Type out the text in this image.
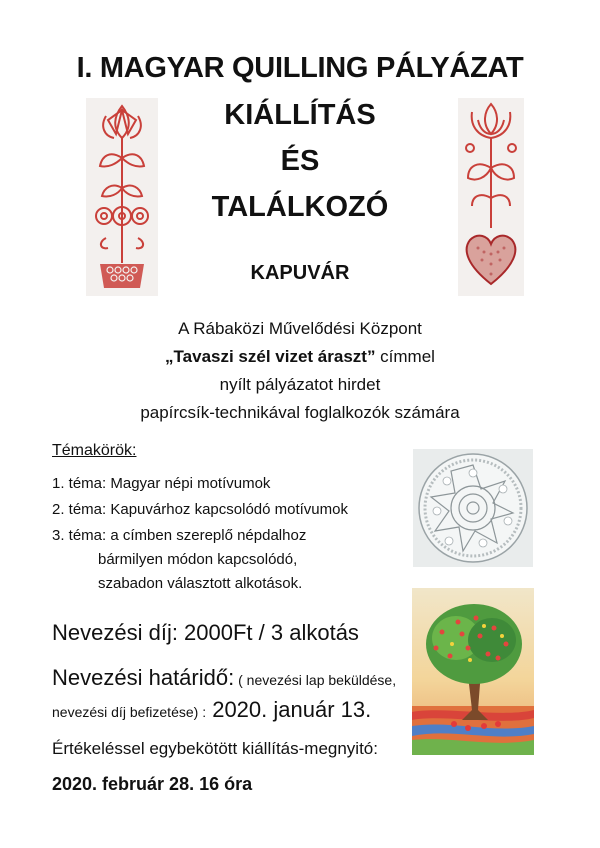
I. MAGYAR QUILLING PÁLYÁZAT
KIÁLLÍTÁS
ÉS
TALÁLKOZÓ
KAPUVÁR
A Rábaközi Művelődési Központ
„Tavaszi szél vizet áraszt” címmel
nyílt pályázatot hirdet
papírcsík-technikával foglalkozók számára
Témakörök:
1. téma: Magyar népi motívumok
2. téma: Kapuvárhoz kapcsolódó motívumok
3. téma: a címben szereplő népdalhoz
bármilyen módon kapcsolódó,
szabadon választott alkotások.
Nevezési díj: 2000Ft / 3 alkotás
Nevezési határidő: ( nevezési lap beküldése,
nevezési díj befizetése) : 2020. január 13.
Értékeléssel egybekötött kiállítás-megnyitó:
2020. február 28. 16 óra
